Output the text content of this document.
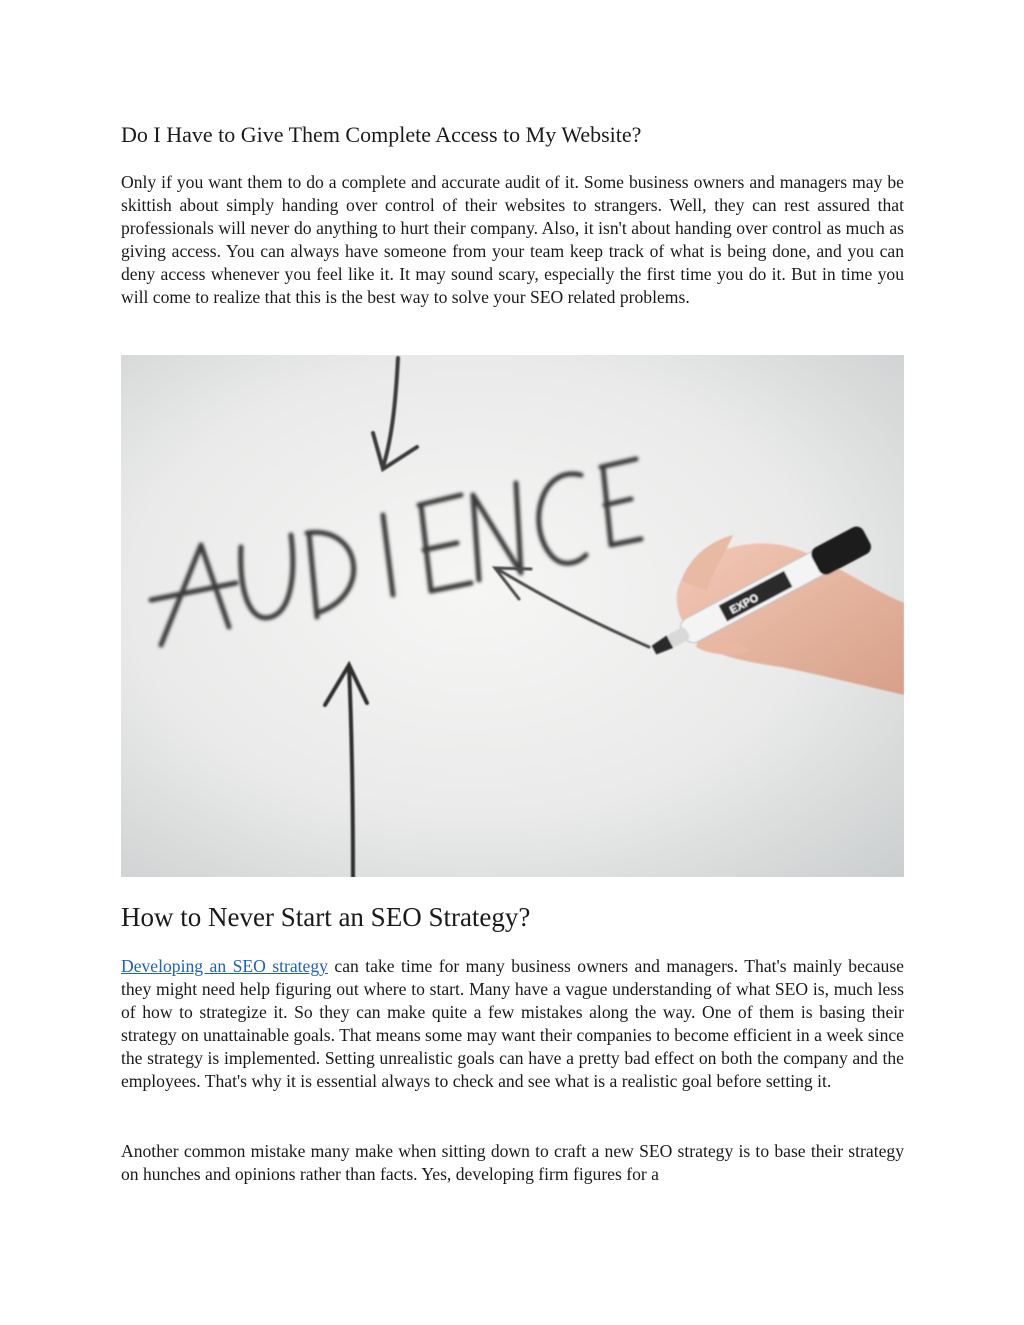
Do I Have to Give Them Complete Access to My Website?

Only if you want them to do a complete and accurate audit of it. Some business owners and managers may be skittish about simply handing over control of their websites to strangers. Well, they can rest assured that professionals will never do anything to hurt their company. Also, it isn't about handing over control as much as giving access. You can always have someone from your team keep track of what is being done, and you can deny access whenever you feel like it. It may sound scary, especially the first time you do it. But in time you will come to realize that this is the best way to solve your SEO related problems.

EXPO
How to Never Start an SEO Strategy?

Developing an SEO strategy can take time for many business owners and managers. That's mainly because they might need help figuring out where to start. Many have a vague understanding of what SEO is, much less of how to strategize it. So they can make quite a few mistakes along the way. One of them is basing their strategy on unattainable goals. That means some may want their companies to become efficient in a week since the strategy is implemented. Setting unrealistic goals can have a pretty bad effect on both the company and the employees. That's why it is essential always to check and see what is a realistic goal before setting it.

Another common mistake many make when sitting down to craft a new SEO strategy is to base their strategy on hunches and opinions rather than facts. Yes, developing firm figures for a
